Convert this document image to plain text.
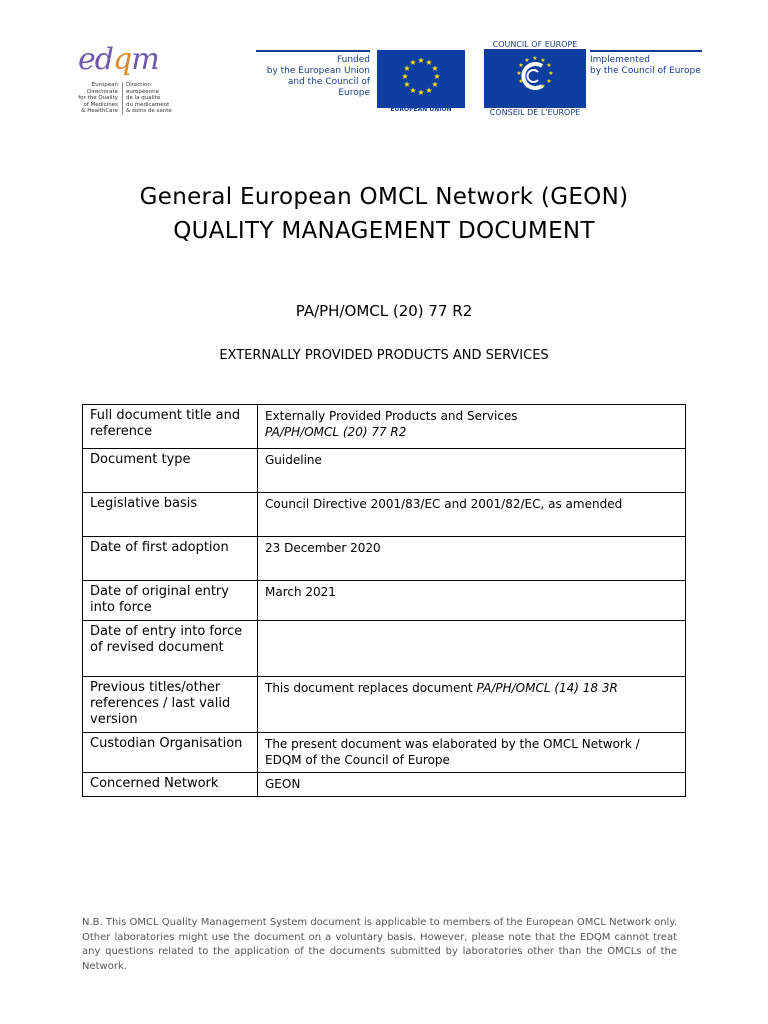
edqm
European Directorate
for the Quality
of Medicines
& HealthCare
Direction européenne
de la qualité
du médicament
& soins de santé
Funded
by the European Union
and the Council of Europe
★ ★
★
★
★
★
★
★
★
★
★
★
EUROPEAN UNION
COUNCIL OF EUROPE
★ ★
★
★
★
★
★
★
★
★
★
★
CONSEIL DE L'EUROPE
Implemented
by the Council of Europe
General European OMCL Network (GEON)
QUALITY MANAGEMENT DOCUMENT
PA/PH/OMCL (20) 77 R2
EXTERNALLY PROVIDED PRODUCTS AND SERVICES
Full document title and reference	Externally Provided Products and Services
PA/PH/OMCL (20) 77 R2

Document type	Guideline
Legislative basis	Council Directive 2001/83/EC and 2001/82/EC, as amended
Date of first adoption	23 December 2020
Date of original entry into force	March 2021
Date of entry into force of revised document	
Previous titles/other references / last valid version	This document replaces document PA/PH/OMCL (14) 18 3R
Custodian Organisation	The present document was elaborated by the OMCL Network / EDQM of the Council of Europe
Concerned Network	GEON
N.B. This OMCL Quality Management System document is applicable to members of the European OMCL Network only. Other laboratories might use the document on a voluntary basis. However, please note that the EDQM cannot treat any questions related to the application of the documents submitted by laboratories other than the OMCLs of the Network.
